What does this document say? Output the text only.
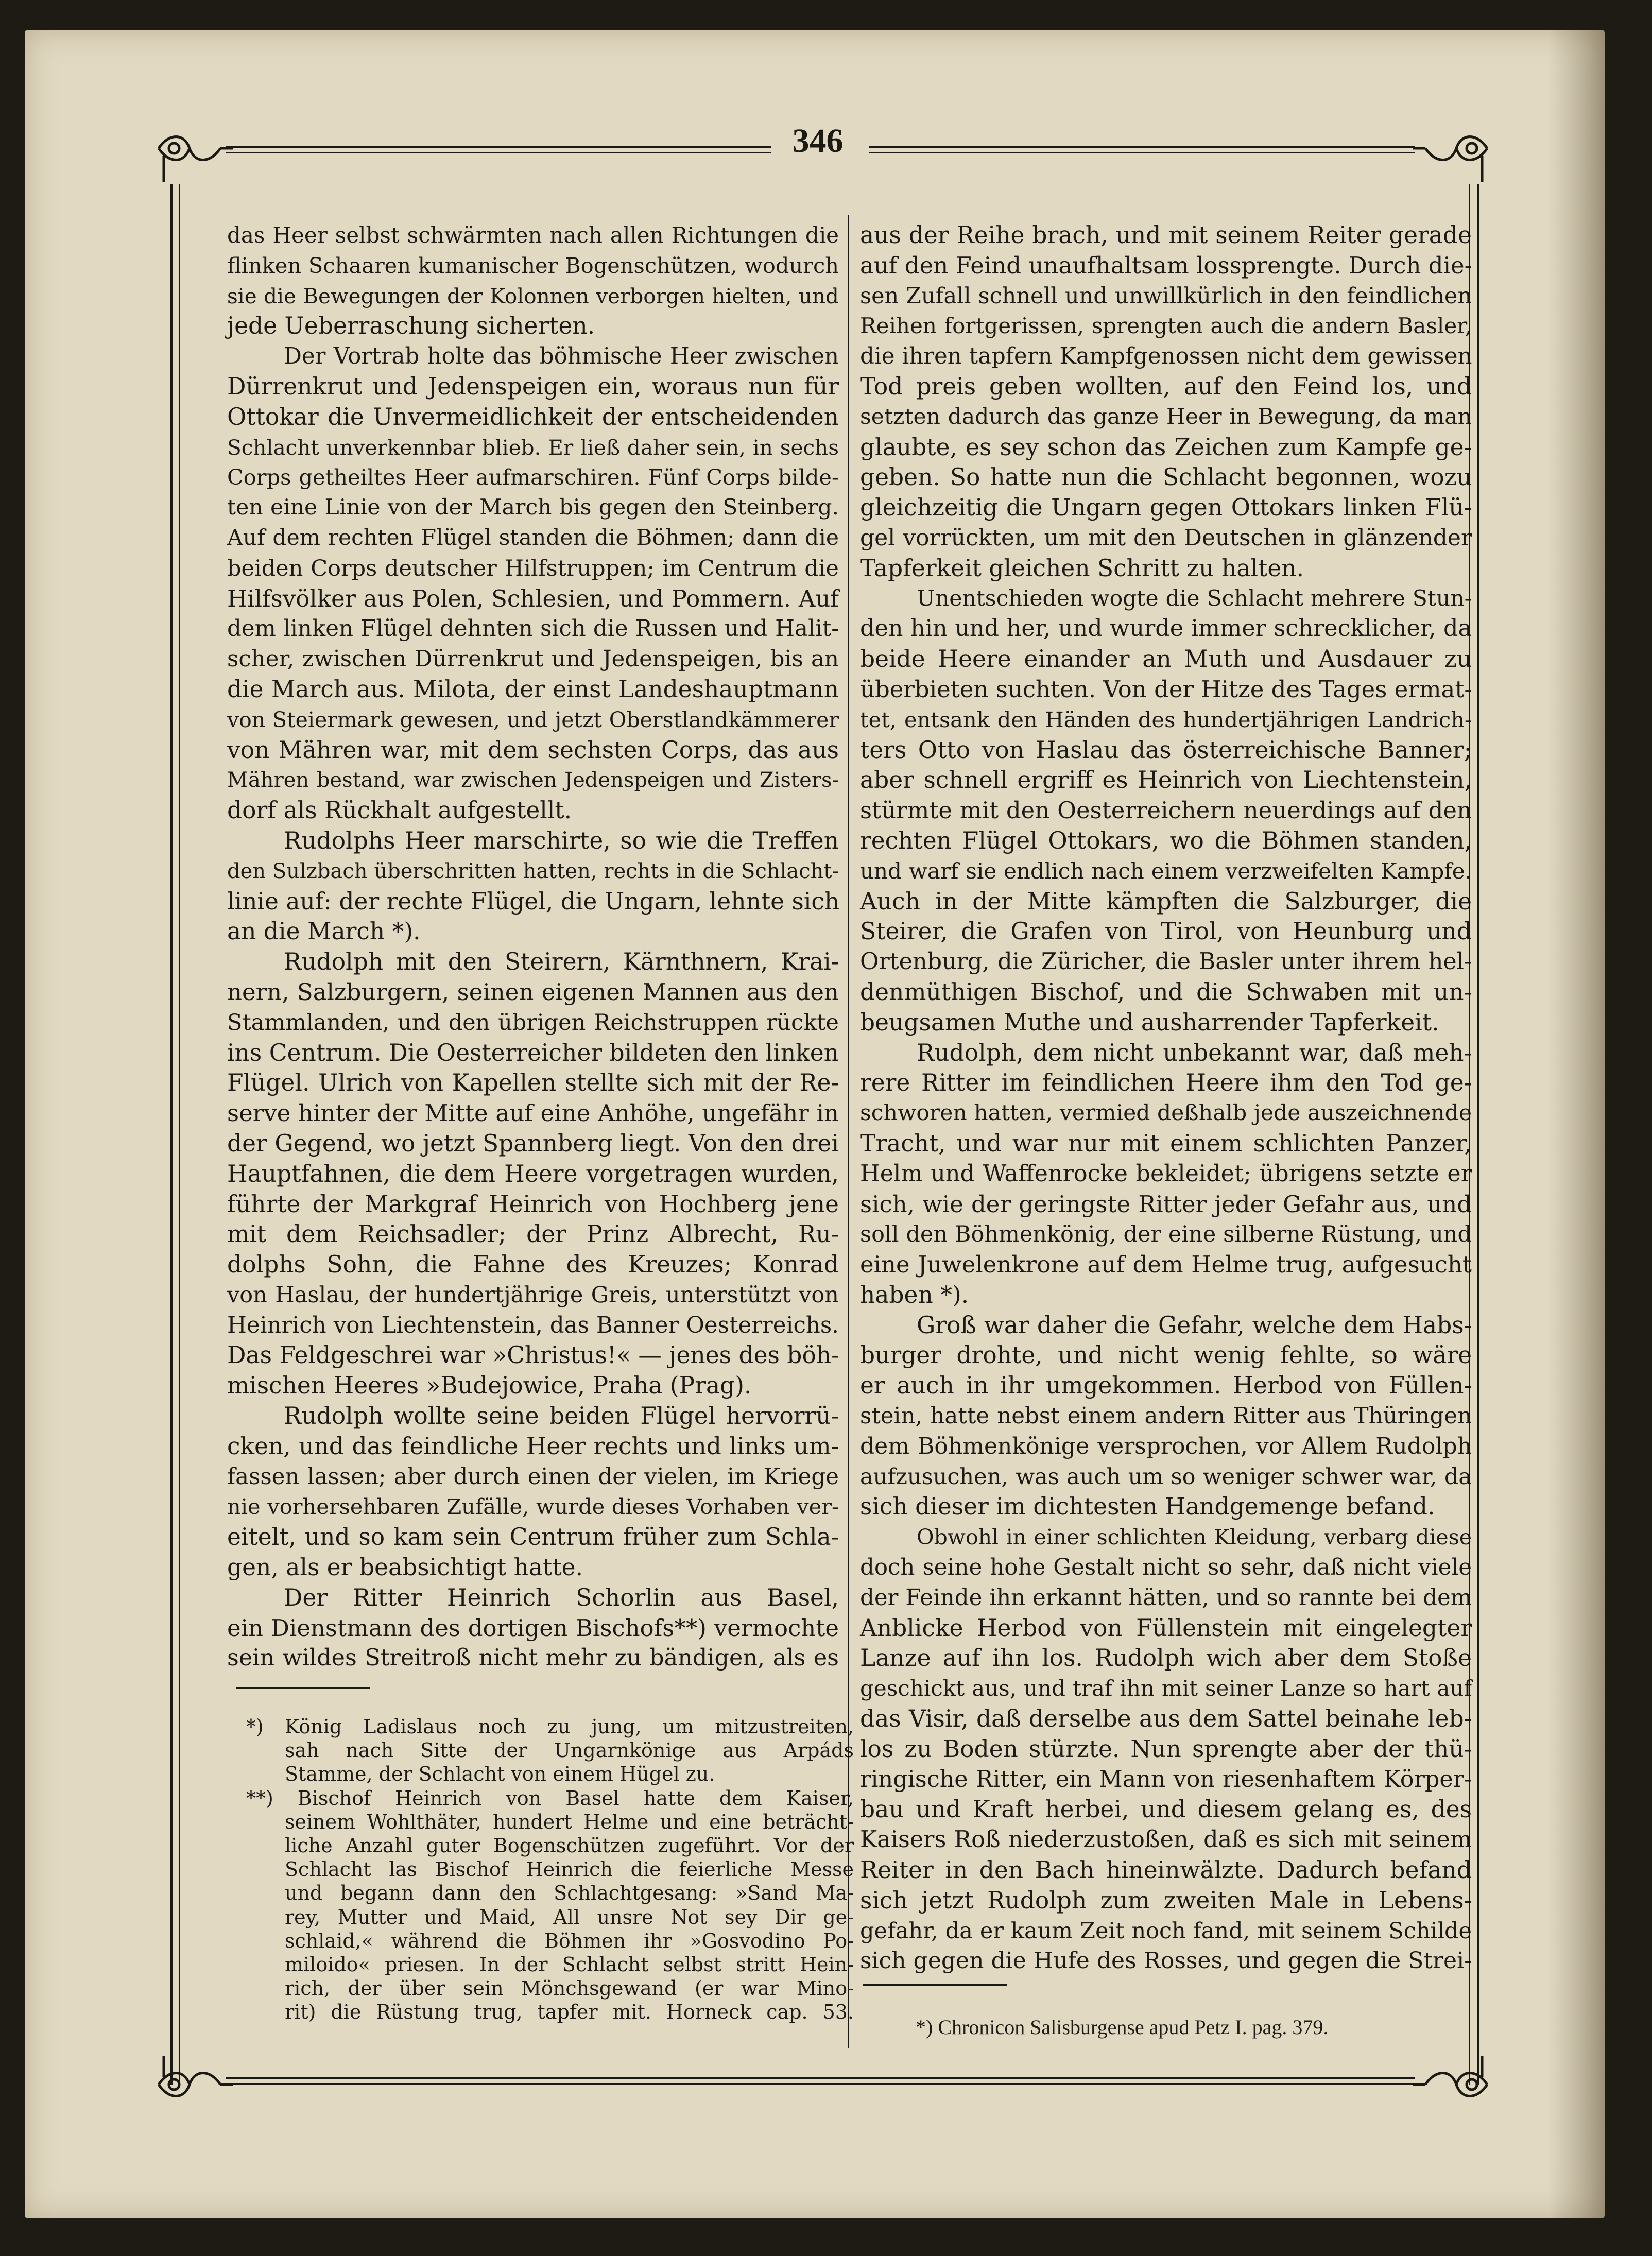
346

das Heer selbst schwärmten nach allen Richtungen die

flinken Schaaren kumanischer Bogenschützen, wodurch

sie die Bewegungen der Kolonnen verborgen hielten, und

jede Ueberraschung sicherten.

Der Vortrab holte das böhmische Heer zwischen

Dürrenkrut und Jedenspeigen ein, woraus nun für

Ottokar die Unvermeidlichkeit der entscheidenden

Schlacht unverkennbar blieb. Er ließ daher sein, in sechs

Corps getheiltes Heer aufmarschiren. Fünf Corps bilde-

ten eine Linie von der March bis gegen den Steinberg.

Auf dem rechten Flügel standen die Böhmen; dann die

beiden Corps deutscher Hilfstruppen; im Centrum die

Hilfsvölker aus Polen, Schlesien, und Pommern. Auf

dem linken Flügel dehnten sich die Russen und Halit-

scher, zwischen Dürrenkrut und Jedenspeigen, bis an

die March aus. Milota, der einst Landeshauptmann

von Steiermark gewesen, und jetzt Oberstlandkämmerer

von Mähren war, mit dem sechsten Corps, das aus

Mähren bestand, war zwischen Jedenspeigen und Zisters-

dorf als Rückhalt aufgestellt.

Rudolphs Heer marschirte, so wie die Treffen

den Sulzbach überschritten hatten, rechts in die Schlacht-

linie auf: der rechte Flügel, die Ungarn, lehnte sich

an die March *).

Rudolph mit den Steirern, Kärnthnern, Krai-

nern, Salzburgern, seinen eigenen Mannen aus den

Stammlanden, und den übrigen Reichstruppen rückte

ins Centrum. Die Oesterreicher bildeten den linken

Flügel. Ulrich von Kapellen stellte sich mit der Re-

serve hinter der Mitte auf eine Anhöhe, ungefähr in

der Gegend, wo jetzt Spannberg liegt. Von den drei

Hauptfahnen, die dem Heere vorgetragen wurden,

führte der Markgraf Heinrich von Hochberg jene

mit dem Reichsadler; der Prinz Albrecht, Ru-

dolphs Sohn, die Fahne des Kreuzes; Konrad

von Haslau, der hundertjährige Greis, unterstützt von

Heinrich von Liechtenstein, das Banner Oesterreichs.

Das Feldgeschrei war »Christus!« — jenes des böh-

mischen Heeres »Budejowice, Praha (Prag).

Rudolph wollte seine beiden Flügel hervorrü-

cken, und das feindliche Heer rechts und links um-

fassen lassen; aber durch einen der vielen, im Kriege

nie vorhersehbaren Zufälle, wurde dieses Vorhaben ver-

eitelt, und so kam sein Centrum früher zum Schla-

gen, als er beabsichtigt hatte.

Der Ritter Heinrich Schorlin aus Basel,

ein Dienstmann des dortigen Bischofs**) vermochte

sein wildes Streitroß nicht mehr zu bändigen, als es

*) König Ladislaus noch zu jung, um mitzustreiten,

sah nach Sitte der Ungarnkönige aus Arpáds

Stamme, der Schlacht von einem Hügel zu.

**) Bischof Heinrich von Basel hatte dem Kaiser,

seinem Wohlthäter, hundert Helme und eine beträcht-

liche Anzahl guter Bogenschützen zugeführt. Vor der

Schlacht las Bischof Heinrich die feierliche Messe

und begann dann den Schlachtgesang: »Sand Ma-

rey, Mutter und Maid, All unsre Not sey Dir ge-

schlaid,« während die Böhmen ihr »Gosvodino Po-

miloido« priesen. In der Schlacht selbst stritt Hein-

rich, der über sein Mönchsgewand (er war Mino-

rit) die Rüstung trug, tapfer mit. Horneck cap. 53.

aus der Reihe brach, und mit seinem Reiter gerade

auf den Feind unaufhaltsam lossprengte. Durch die-

sen Zufall schnell und unwillkürlich in den feindlichen

Reihen fortgerissen, sprengten auch die andern Basler,

die ihren tapfern Kampfgenossen nicht dem gewissen

Tod preis geben wollten, auf den Feind los, und

setzten dadurch das ganze Heer in Bewegung, da man

glaubte, es sey schon das Zeichen zum Kampfe ge-

geben. So hatte nun die Schlacht begonnen, wozu

gleichzeitig die Ungarn gegen Ottokars linken Flü-

gel vorrückten, um mit den Deutschen in glänzender

Tapferkeit gleichen Schritt zu halten.

Unentschieden wogte die Schlacht mehrere Stun-

den hin und her, und wurde immer schrecklicher, da

beide Heere einander an Muth und Ausdauer zu

überbieten suchten. Von der Hitze des Tages ermat-

tet, entsank den Händen des hundertjährigen Landrich-

ters Otto von Haslau das österreichische Banner;

aber schnell ergriff es Heinrich von Liechtenstein,

stürmte mit den Oesterreichern neuerdings auf den

rechten Flügel Ottokars, wo die Böhmen standen,

und warf sie endlich nach einem verzweifelten Kampfe.

Auch in der Mitte kämpften die Salzburger, die

Steirer, die Grafen von Tirol, von Heunburg und

Ortenburg, die Züricher, die Basler unter ihrem hel-

denmüthigen Bischof, und die Schwaben mit un-

beugsamen Muthe und ausharrender Tapferkeit.

Rudolph, dem nicht unbekannt war, daß meh-

rere Ritter im feindlichen Heere ihm den Tod ge-

schworen hatten, vermied deßhalb jede auszeichnende

Tracht, und war nur mit einem schlichten Panzer,

Helm und Waffenrocke bekleidet; übrigens setzte er

sich, wie der geringste Ritter jeder Gefahr aus, und

soll den Böhmenkönig, der eine silberne Rüstung, und

eine Juwelenkrone auf dem Helme trug, aufgesucht

haben *).

Groß war daher die Gefahr, welche dem Habs-

burger drohte, und nicht wenig fehlte, so wäre

er auch in ihr umgekommen. Herbod von Füllen-

stein, hatte nebst einem andern Ritter aus Thüringen

dem Böhmenkönige versprochen, vor Allem Rudolph

aufzusuchen, was auch um so weniger schwer war, da

sich dieser im dichtesten Handgemenge befand.

Obwohl in einer schlichten Kleidung, verbarg diese

doch seine hohe Gestalt nicht so sehr, daß nicht viele

der Feinde ihn erkannt hätten, und so rannte bei dem

Anblicke Herbod von Füllenstein mit eingelegter

Lanze auf ihn los. Rudolph wich aber dem Stoße

geschickt aus, und traf ihn mit seiner Lanze so hart auf

das Visir, daß derselbe aus dem Sattel beinahe leb-

los zu Boden stürzte. Nun sprengte aber der thü-

ringische Ritter, ein Mann von riesenhaftem Körper-

bau und Kraft herbei, und diesem gelang es, des

Kaisers Roß niederzustoßen, daß es sich mit seinem

Reiter in den Bach hineinwälzte. Dadurch befand

sich jetzt Rudolph zum zweiten Male in Lebens-

gefahr, da er kaum Zeit noch fand, mit seinem Schilde

sich gegen die Hufe des Rosses, und gegen die Strei-

*) Chronicon Salisburgense apud Petz I. pag. 379.
